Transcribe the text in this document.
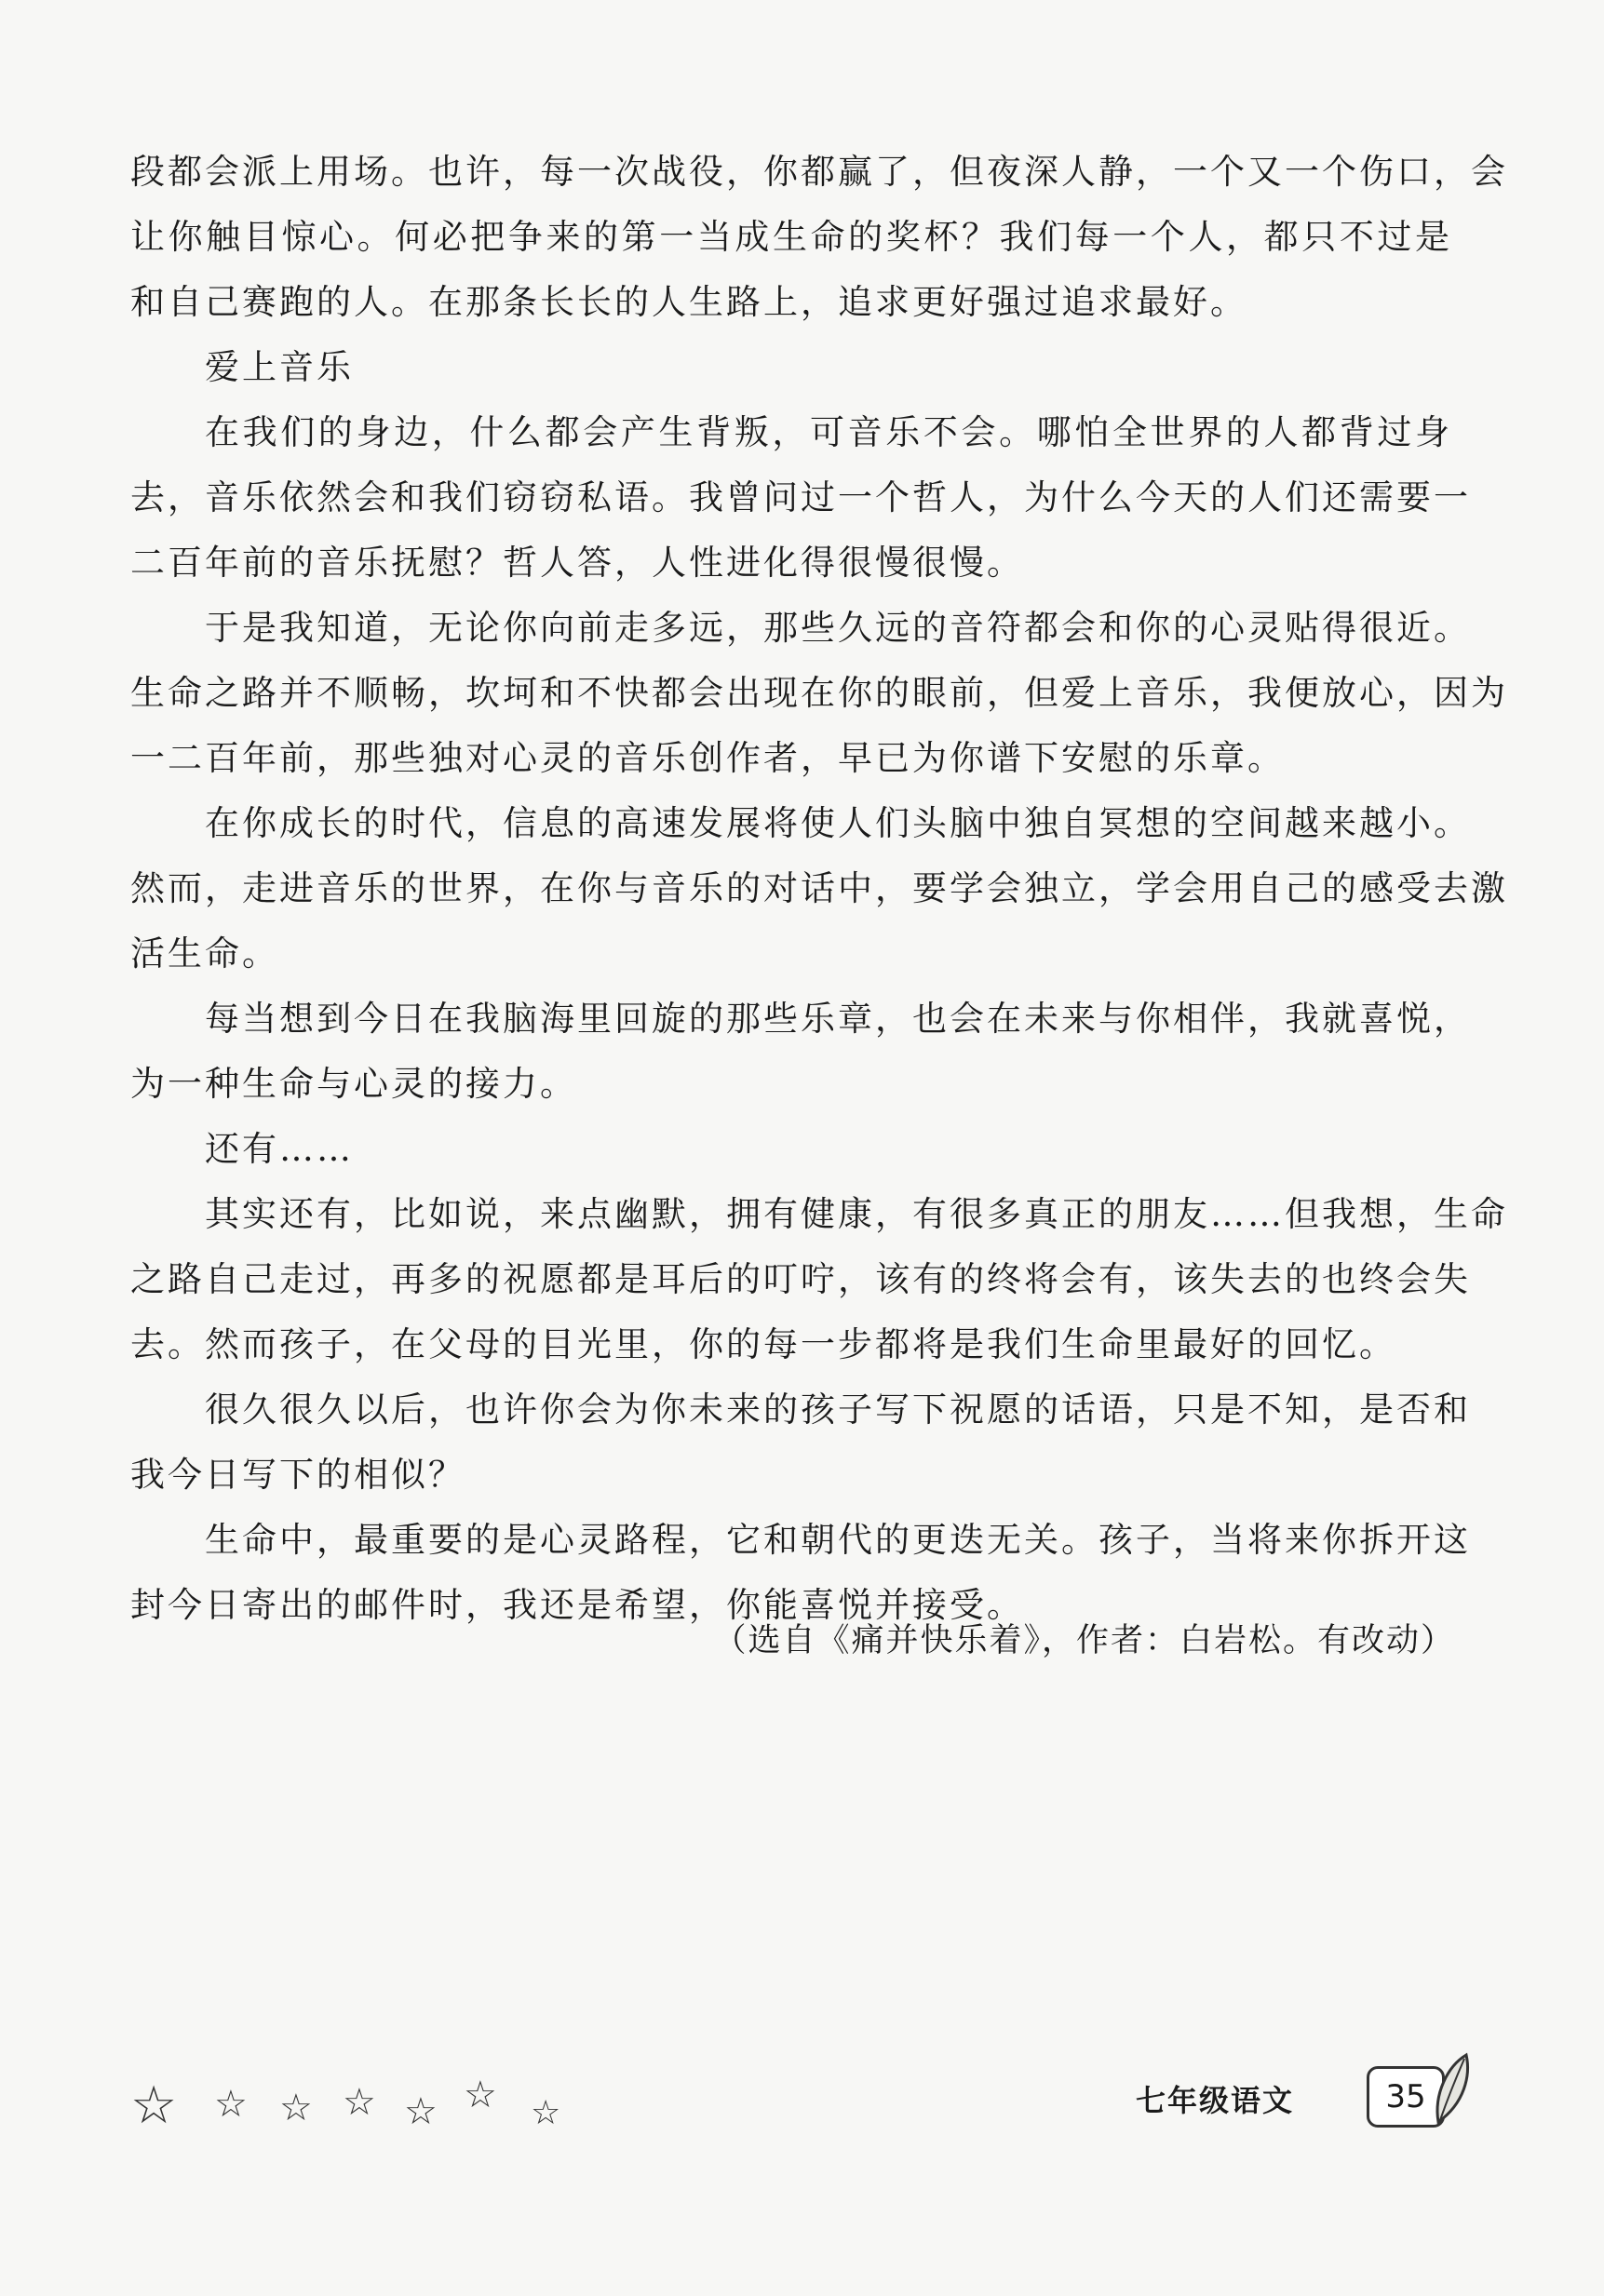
段都会派上用场。也许，每一次战役，你都赢了，但夜深人静，一个又一个伤口，会
让你触目惊心。何必把争来的第一当成生命的奖杯？我们每一个人，都只不过是
和自己赛跑的人。在那条长长的人生路上，追求更好强过追求最好。
爱上音乐
在我们的身边，什么都会产生背叛，可音乐不会。哪怕全世界的人都背过身
去，音乐依然会和我们窃窃私语。我曾问过一个哲人，为什么今天的人们还需要一
二百年前的音乐抚慰？哲人答，人性进化得很慢很慢。
于是我知道，无论你向前走多远，那些久远的音符都会和你的心灵贴得很近。
生命之路并不顺畅，坎坷和不快都会出现在你的眼前，但爱上音乐，我便放心，因为
一二百年前，那些独对心灵的音乐创作者，早已为你谱下安慰的乐章。
在你成长的时代，信息的高速发展将使人们头脑中独自冥想的空间越来越小。
然而，走进音乐的世界，在你与音乐的对话中，要学会独立，学会用自己的感受去激
活生命。
每当想到今日在我脑海里回旋的那些乐章，也会在未来与你相伴，我就喜悦，
为一种生命与心灵的接力。
还有……
其实还有，比如说，来点幽默，拥有健康，有很多真正的朋友……但我想，生命
之路自己走过，再多的祝愿都是耳后的叮咛，该有的终将会有，该失去的也终会失
去。然而孩子，在父母的目光里，你的每一步都将是我们生命里最好的回忆。
很久很久以后，也许你会为你未来的孩子写下祝愿的话语，只是不知，是否和
我今日写下的相似？
生命中，最重要的是心灵路程，它和朝代的更迭无关。孩子，当将来你拆开这
封今日寄出的邮件时，我还是希望，你能喜悦并接受。
（选自《痛并快乐着》，作者：白岩松。有改动）
☆ ☆ ☆ ☆ ☆ ☆ ☆	七年级语文	35
